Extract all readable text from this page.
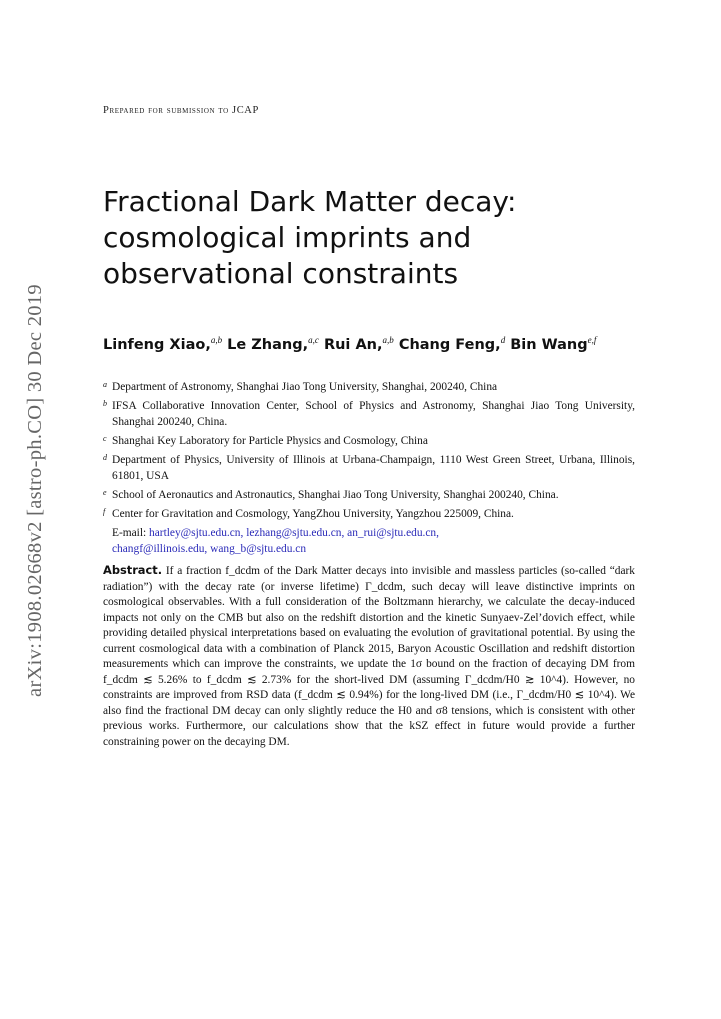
arXiv:1908.02668v2 [astro-ph.CO] 30 Dec 2019
Prepared for submission to JCAP
Fractional Dark Matter decay: cosmological imprints and observational constraints
Linfeng Xiao,$^{a,b}$ Le Zhang,$^{a,c}$ Rui An,$^{a,b}$ Chang Feng,$^d$ Bin Wang$^{e,f}$
a Department of Astronomy, Shanghai Jiao Tong University, Shanghai, 200240, China
b IFSA Collaborative Innovation Center, School of Physics and Astronomy, Shanghai Jiao Tong University, Shanghai 200240, China.
c Shanghai Key Laboratory for Particle Physics and Cosmology, China
d Department of Physics, University of Illinois at Urbana-Champaign, 1110 West Green Street, Urbana, Illinois, 61801, USA
e School of Aeronautics and Astronautics, Shanghai Jiao Tong University, Shanghai 200240, China.
f Center for Gravitation and Cosmology, YangZhou University, Yangzhou 225009, China.
E-mail: hartley@sjtu.edu.cn, lezhang@sjtu.edu.cn, an_rui@sjtu.edu.cn,
changf@illinois.edu, wang_b@sjtu.edu.cn

Abstract. If a fraction f_dcdm of the Dark Matter decays into invisible and massless particles (so-called “dark radiation”) with the decay rate (or inverse lifetime) Γ_dcdm, such decay will leave distinctive imprints on cosmological observables. With a full consideration of the Boltzmann hierarchy, we calculate the decay-induced impacts not only on the CMB but also on the redshift distortion and the kinetic Sunyaev-Zel’dovich effect, while providing detailed physical interpretations based on evaluating the evolution of gravitational potential. By using the current cosmological data with a combination of Planck 2015, Baryon Acoustic Oscillation and redshift distortion measurements which can improve the constraints, we update the 1σ bound on the fraction of decaying DM from f_dcdm ≲ 5.26% to f_dcdm ≲ 2.73% for the short-lived DM (assuming Γ_dcdm/H0 ≳ 10^4). However, no constraints are improved from RSD data (f_dcdm ≲ 0.94%) for the long-lived DM (i.e., Γ_dcdm/H0 ≲ 10^4). We also find the fractional DM decay can only slightly reduce the H0 and σ8 tensions, which is consistent with other previous works. Furthermore, our calculations show that the kSZ effect in future would provide a further constraining power on the decaying DM.
